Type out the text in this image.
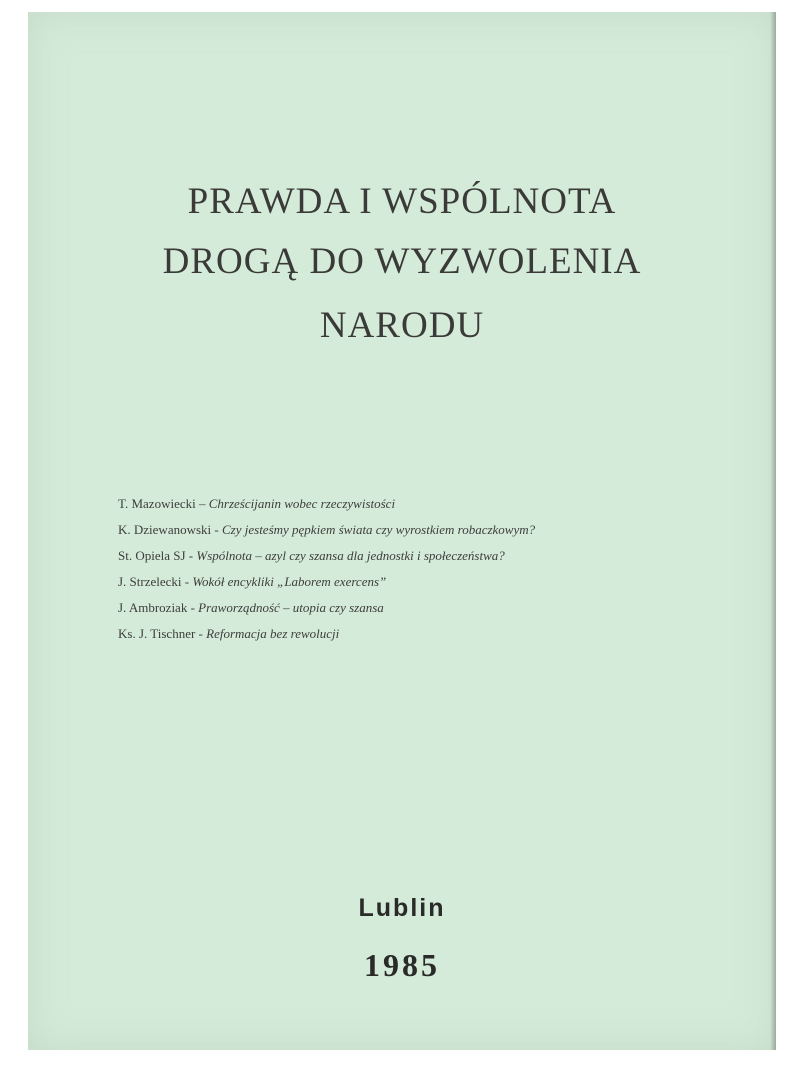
PRAWDA I WSPÓLNOTA
DROGĄ DO WYZWOLENIA
NARODU
T. Mazowiecki – Chrześcijanin wobec rzeczywistości
K. Dziewanowski - Czy jesteśmy pępkiem świata czy wyrostkiem robaczkowym?
St. Opiela SJ - Wspólnota – azyl czy szansa dla jednostki i społeczeństwa?
J. Strzelecki - Wokół encykliki „Laborem exercens”
J. Ambroziak - Praworządność – utopia czy szansa
Ks. J. Tischner - Reformacja bez rewolucji
Lublin
1985
